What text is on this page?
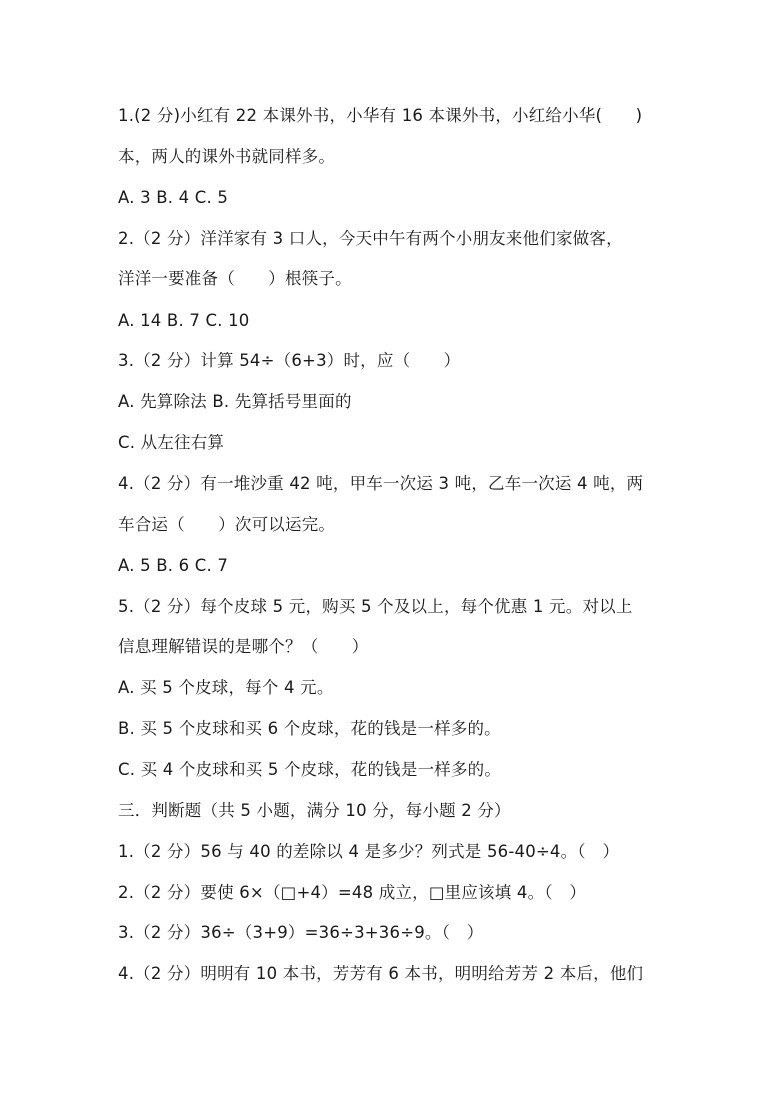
1.(2 分)小红有 22 本课外书，小华有 16 本课外书，小红给小华(　　)
本，两人的课外书就同样多。
A. 3 B. 4 C. 5
2.（2 分）洋洋家有 3 口人，今天中午有两个小朋友来他们家做客，
洋洋一要准备（　　）根筷子。
A. 14 B. 7 C. 10
3.（2 分）计算 54÷（6+3）时，应（　　）
A. 先算除法 B. 先算括号里面的
C. 从左往右算
4.（2 分）有一堆沙重 42 吨，甲车一次运 3 吨，乙车一次运 4 吨，两
车合运（　　）次可以运完。
A. 5 B. 6 C. 7
5.（2 分）每个皮球 5 元，购买 5 个及以上，每个优惠 1 元。对以上
信息理解错误的是哪个？（　　）
A. 买 5 个皮球，每个 4 元。
B. 买 5 个皮球和买 6 个皮球，花的钱是一样多的。
C. 买 4 个皮球和买 5 个皮球，花的钱是一样多的。
三．判断题（共 5 小题，满分 10 分，每小题 2 分）
1.（2 分）56 与 40 的差除以 4 是多少？列式是 56-40÷4。（　）
2.（2 分）要使 6×（□+4）=48 成立，□里应该填 4。（　）
3.（2 分）36÷（3+9）=36÷3+36÷9。（　）
4.（2 分）明明有 10 本书，芳芳有 6 本书，明明给芳芳 2 本后，他们
